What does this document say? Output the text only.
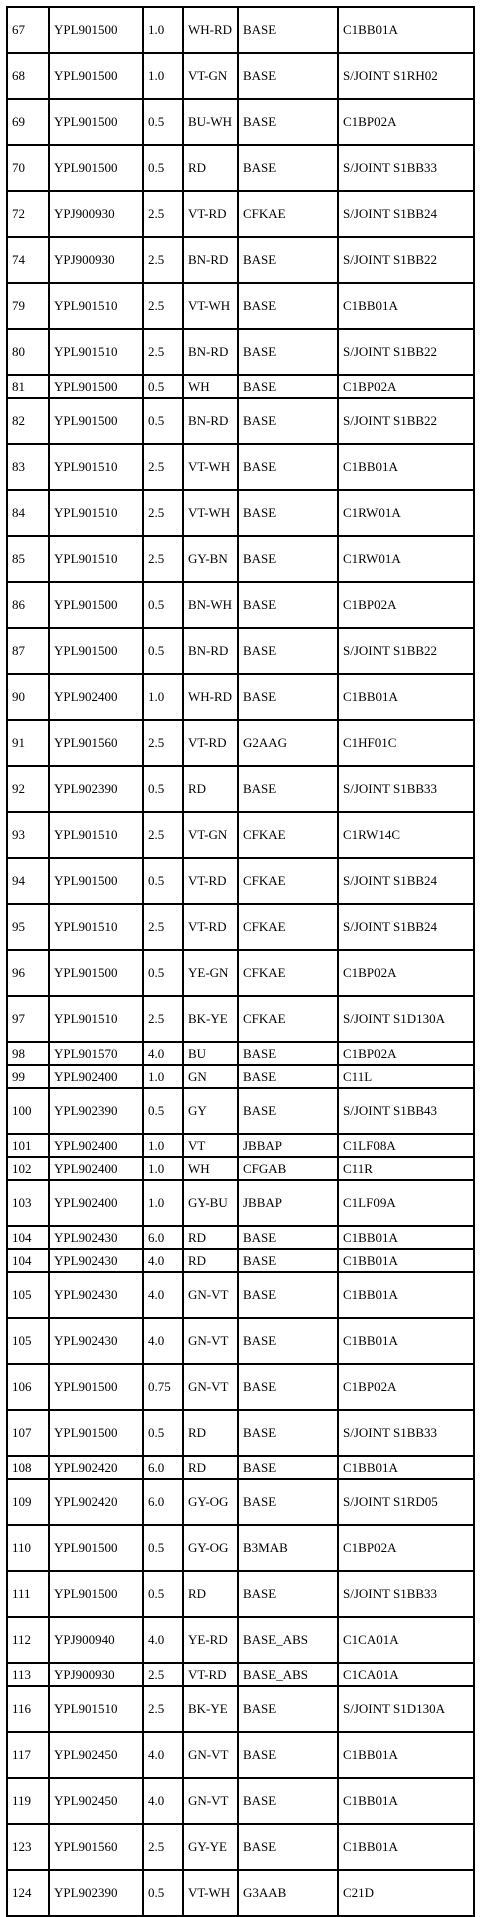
67	YPL901500	1.0	WH-RD	BASE	C1BB01A
68	YPL901500	1.0	VT-GN	BASE	S/JOINT S1RH02
69	YPL901500	0.5	BU-WH	BASE	C1BP02A
70	YPL901500	0.5	RD	BASE	S/JOINT S1BB33
72	YPJ900930	2.5	VT-RD	CFKAE	S/JOINT S1BB24
74	YPJ900930	2.5	BN-RD	BASE	S/JOINT S1BB22
79	YPL901510	2.5	VT-WH	BASE	C1BB01A
80	YPL901510	2.5	BN-RD	BASE	S/JOINT S1BB22
81	YPL901500	0.5	WH	BASE	C1BP02A
82	YPL901500	0.5	BN-RD	BASE	S/JOINT S1BB22
83	YPL901510	2.5	VT-WH	BASE	C1BB01A
84	YPL901510	2.5	VT-WH	BASE	C1RW01A
85	YPL901510	2.5	GY-BN	BASE	C1RW01A
86	YPL901500	0.5	BN-WH	BASE	C1BP02A
87	YPL901500	0.5	BN-RD	BASE	S/JOINT S1BB22
90	YPL902400	1.0	WH-RD	BASE	C1BB01A
91	YPL901560	2.5	VT-RD	G2AAG	C1HF01C
92	YPL902390	0.5	RD	BASE	S/JOINT S1BB33
93	YPL901510	2.5	VT-GN	CFKAE	C1RW14C
94	YPL901500	0.5	VT-RD	CFKAE	S/JOINT S1BB24
95	YPL901510	2.5	VT-RD	CFKAE	S/JOINT S1BB24
96	YPL901500	0.5	YE-GN	CFKAE	C1BP02A
97	YPL901510	2.5	BK-YE	CFKAE	S/JOINT S1D130A
98	YPL901570	4.0	BU	BASE	C1BP02A
99	YPL902400	1.0	GN	BASE	C11L
100	YPL902390	0.5	GY	BASE	S/JOINT S1BB43
101	YPL902400	1.0	VT	JBBAP	C1LF08A
102	YPL902400	1.0	WH	CFGAB	C11R
103	YPL902400	1.0	GY-BU	JBBAP	C1LF09A
104	YPL902430	6.0	RD	BASE	C1BB01A
104	YPL902430	4.0	RD	BASE	C1BB01A
105	YPL902430	4.0	GN-VT	BASE	C1BB01A
105	YPL902430	4.0	GN-VT	BASE	C1BB01A
106	YPL901500	0.75	GN-VT	BASE	C1BP02A
107	YPL901500	0.5	RD	BASE	S/JOINT S1BB33
108	YPL902420	6.0	RD	BASE	C1BB01A
109	YPL902420	6.0	GY-OG	BASE	S/JOINT S1RD05
110	YPL901500	0.5	GY-OG	B3MAB	C1BP02A
111	YPL901500	0.5	RD	BASE	S/JOINT S1BB33
112	YPJ900940	4.0	YE-RD	BASE_ABS	C1CA01A
113	YPJ900930	2.5	VT-RD	BASE_ABS	C1CA01A
116	YPL901510	2.5	BK-YE	BASE	S/JOINT S1D130A
117	YPL902450	4.0	GN-VT	BASE	C1BB01A
119	YPL902450	4.0	GN-VT	BASE	C1BB01A
123	YPL901560	2.5	GY-YE	BASE	C1BB01A
124	YPL902390	0.5	VT-WH	G3AAB	C21D
